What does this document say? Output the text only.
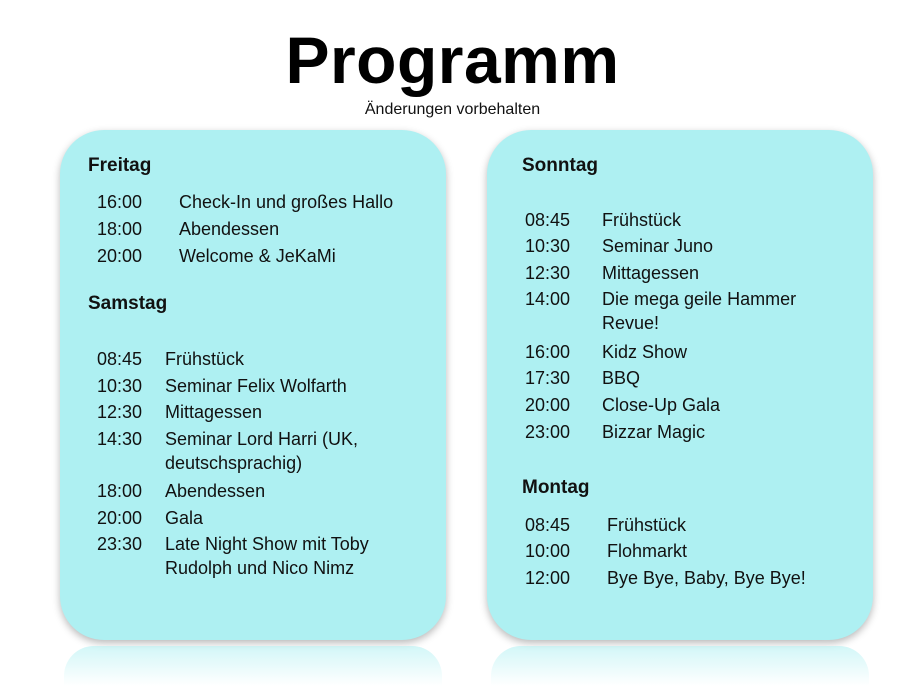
Programm
Änderungen vorbehalten
Freitag
16:00 Check-In und großes Hallo
18:00 Abendessen
20:00 Welcome & JeKaMi
Samstag
08:45 Frühstück
10:30 Seminar Felix Wolfarth
12:30 Mittagessen
14:30 Seminar Lord Harri (UK,
deutschsprachig)
18:00 Abendessen
20:00 Gala
23:30 Late Night Show mit Toby
Rudolph und Nico Nimz
Sonntag
08:45 Frühstück
10:30 Seminar Juno
12:30 Mittagessen
14:00 Die mega geile Hammer
Revue!
16:00 Kidz Show
17:30 BBQ
20:00 Close-Up Gala
23:00 Bizzar Magic
Montag
08:45 Frühstück
10:00 Flohmarkt
12:00 Bye Bye, Baby, Bye Bye!
